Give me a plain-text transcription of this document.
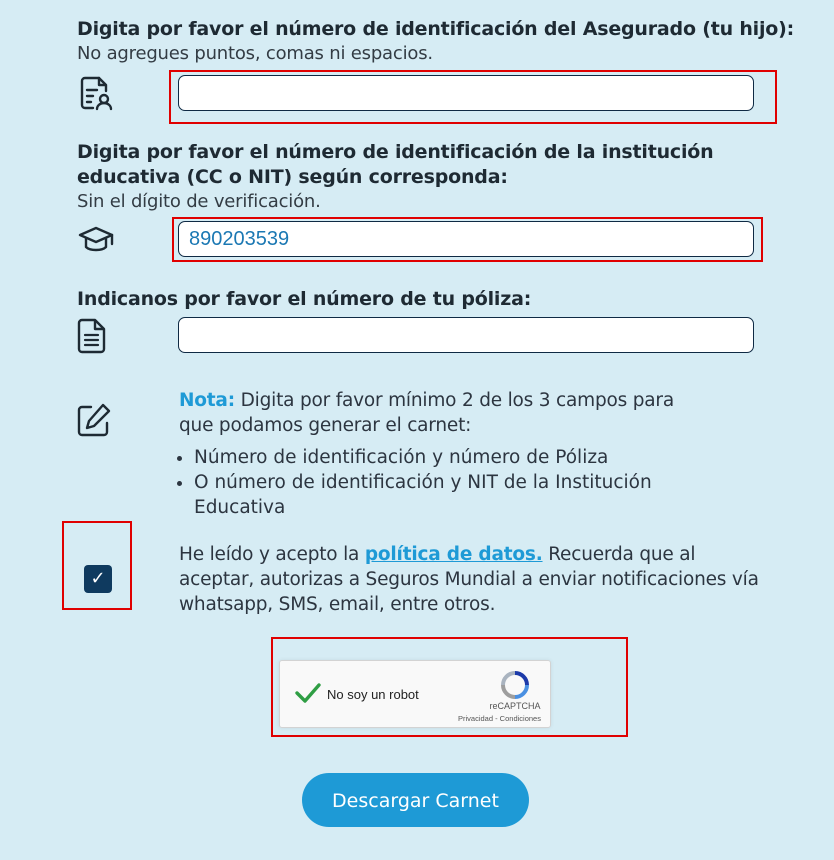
Digita por favor el número de identificación del Asegurado (tu hijo):
No agregues puntos, comas ni espacios.
Digita por favor el número de identificación de la institución
educativa (CC o NIT) según corresponda:
Sin el dígito de verificación.
890203539
Indicanos por favor el número de tu póliza:
Nota: Digita por favor mínimo 2 de los 3 campos para
que podamos generar el carnet:
• Número de identificación y número de Póliza
• O número de identificación y NIT de la Institución Educativa
✓
He leído y acepto la política de datos. Recuerda que al aceptar, autorizas a Seguros Mundial a enviar notificaciones vía whatsapp, SMS, email, entre otros.
No soy un robot
reCAPTCHA
Privacidad - Condiciones
Descargar Carnet
